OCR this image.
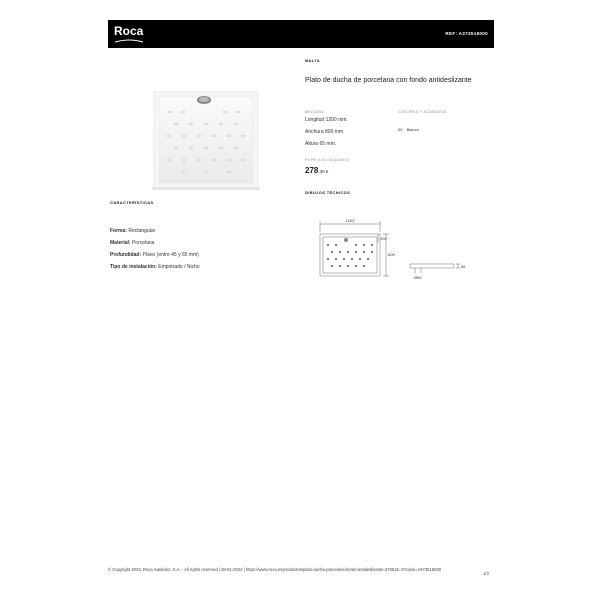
Roca	REF: A373516000
MALTA
Plato de ducha de porcelana con fondo antideslizante
MEDIDAS	COLORES Y ACABADOS
Longitud 1200 mm.
Anchura 800 mm.
Altura 65 mm.
00 Blanco
PVPR (IVA INCLUIDO)
278,30 €
DIBUJOS TÉCNICOS
1200
190
800
65
Ø90
CARACTERÍSTICAS
Forma: Rectangular
Material: Porcelana
Profundidad: Plano (entre 45 y 65 mm)
Tipo de instalación: Empotrado / Nicho
© Copyright 2022, Roca Sanitario, S.A. - All rights reserved | 28-01-2022 | https://www.roca.es/productos/plato-ducha-porcelana-fondo-antideslizante-373516..0?code=A373516000
1/3
